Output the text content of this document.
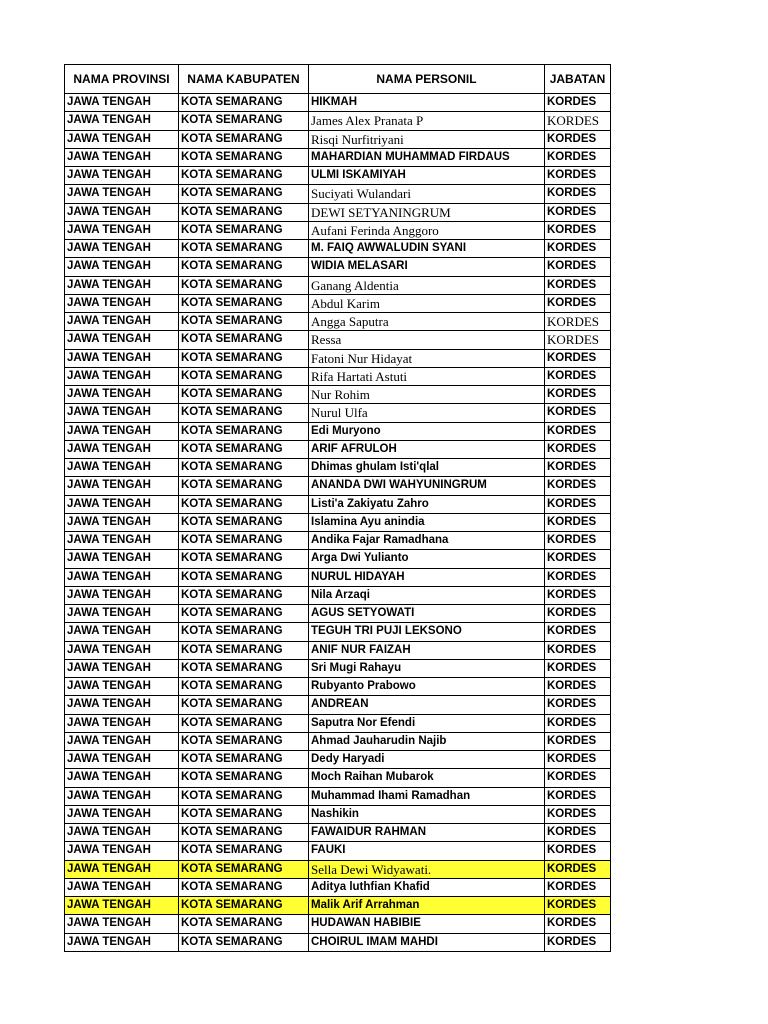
NAMA PROVINSI	NAMA KABUPATEN	NAMA PERSONIL	JABATAN
JAWA TENGAH	KOTA SEMARANG	HIKMAH	KORDES
JAWA TENGAH	KOTA SEMARANG	James Alex Pranata P	KORDES
JAWA TENGAH	KOTA SEMARANG	Risqi Nurfitriyani	KORDES
JAWA TENGAH	KOTA SEMARANG	MAHARDIAN MUHAMMAD FIRDAUS	KORDES
JAWA TENGAH	KOTA SEMARANG	ULMI ISKAMIYAH	KORDES
JAWA TENGAH	KOTA SEMARANG	Suciyati Wulandari	KORDES
JAWA TENGAH	KOTA SEMARANG	DEWI SETYANINGRUM	KORDES
JAWA TENGAH	KOTA SEMARANG	Aufani Ferinda Anggoro	KORDES
JAWA TENGAH	KOTA SEMARANG	M. FAIQ AWWALUDIN SYANI	KORDES
JAWA TENGAH	KOTA SEMARANG	WIDIA MELASARI	KORDES
JAWA TENGAH	KOTA SEMARANG	Ganang Aldentia	KORDES
JAWA TENGAH	KOTA SEMARANG	Abdul Karim	KORDES
JAWA TENGAH	KOTA SEMARANG	Angga Saputra	KORDES
JAWA TENGAH	KOTA SEMARANG	Ressa	KORDES
JAWA TENGAH	KOTA SEMARANG	Fatoni Nur Hidayat	KORDES
JAWA TENGAH	KOTA SEMARANG	Rifa Hartati Astuti	KORDES
JAWA TENGAH	KOTA SEMARANG	Nur Rohim	KORDES
JAWA TENGAH	KOTA SEMARANG	Nurul Ulfa	KORDES
JAWA TENGAH	KOTA SEMARANG	Edi Muryono	KORDES
JAWA TENGAH	KOTA SEMARANG	ARIF AFRULOH	KORDES
JAWA TENGAH	KOTA SEMARANG	Dhimas ghulam Isti'qlal	KORDES
JAWA TENGAH	KOTA SEMARANG	ANANDA DWI WAHYUNINGRUM	KORDES
JAWA TENGAH	KOTA SEMARANG	Listi'a Zakiyatu Zahro	KORDES
JAWA TENGAH	KOTA SEMARANG	Islamina Ayu anindia	KORDES
JAWA TENGAH	KOTA SEMARANG	Andika Fajar Ramadhana	KORDES
JAWA TENGAH	KOTA SEMARANG	Arga Dwi Yulianto	KORDES
JAWA TENGAH	KOTA SEMARANG	NURUL HIDAYAH	KORDES
JAWA TENGAH	KOTA SEMARANG	Nila Arzaqi	KORDES
JAWA TENGAH	KOTA SEMARANG	AGUS SETYOWATI	KORDES
JAWA TENGAH	KOTA SEMARANG	TEGUH TRI PUJI LEKSONO	KORDES
JAWA TENGAH	KOTA SEMARANG	ANIF NUR FAIZAH	KORDES
JAWA TENGAH	KOTA SEMARANG	Sri Mugi Rahayu	KORDES
JAWA TENGAH	KOTA SEMARANG	Rubyanto Prabowo	KORDES
JAWA TENGAH	KOTA SEMARANG	ANDREAN	KORDES
JAWA TENGAH	KOTA SEMARANG	Saputra Nor Efendi	KORDES
JAWA TENGAH	KOTA SEMARANG	Ahmad Jauharudin Najib	KORDES
JAWA TENGAH	KOTA SEMARANG	Dedy Haryadi	KORDES
JAWA TENGAH	KOTA SEMARANG	Moch Raihan Mubarok	KORDES
JAWA TENGAH	KOTA SEMARANG	Muhammad Ihami Ramadhan	KORDES
JAWA TENGAH	KOTA SEMARANG	Nashikin	KORDES
JAWA TENGAH	KOTA SEMARANG	FAWAIDUR RAHMAN	KORDES
JAWA TENGAH	KOTA SEMARANG	FAUKI	KORDES
JAWA TENGAH	KOTA SEMARANG	Sella Dewi Widyawati.	KORDES
JAWA TENGAH	KOTA SEMARANG	Aditya luthfian Khafid	KORDES
JAWA TENGAH	KOTA SEMARANG	Malik Arif Arrahman	KORDES
JAWA TENGAH	KOTA SEMARANG	HUDAWAN HABIBIE	KORDES
JAWA TENGAH	KOTA SEMARANG	CHOIRUL IMAM MAHDI	KORDES
